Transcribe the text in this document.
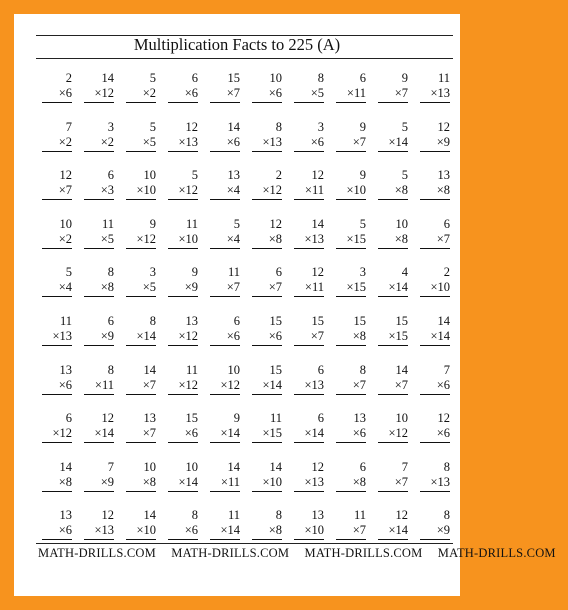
Multiplication Facts to 225 (A)
2
×6
14
×12
5
×2
6
×6
15
×7
10
×6
8
×5
6
×11
9
×7
11
×13
7
×2
3
×2
5
×5
12
×13
14
×6
8
×13
3
×6
9
×7
5
×14
12
×9
12
×7
6
×3
10
×10
5
×12
13
×4
2
×12
12
×11
9
×10
5
×8
13
×8
10
×2
11
×5
9
×12
11
×10
5
×4
12
×8
14
×13
5
×15
10
×8
6
×7
5
×4
8
×8
3
×5
9
×9
11
×7
6
×7
12
×11
3
×15
4
×14
2
×10
11
×13
6
×9
8
×14
13
×12
6
×6
15
×6
15
×7
15
×8
15
×15
14
×14
13
×6
8
×11
14
×7
11
×12
10
×12
15
×14
6
×13
8
×7
14
×7
7
×6
6
×12
12
×14
13
×7
15
×6
9
×14
11
×15
6
×14
13
×6
10
×12
12
×6
14
×8
7
×9
10
×8
10
×14
14
×11
14
×10
12
×13
6
×8
7
×7
8
×13
13
×6
12
×13
14
×10
8
×6
11
×14
8
×8
13
×10
11
×7
12
×14
8
×9
MATH-DRILLS.COM MATH-DRILLS.COM MATH-DRILLS.COM MATH-DRILLS.COM
